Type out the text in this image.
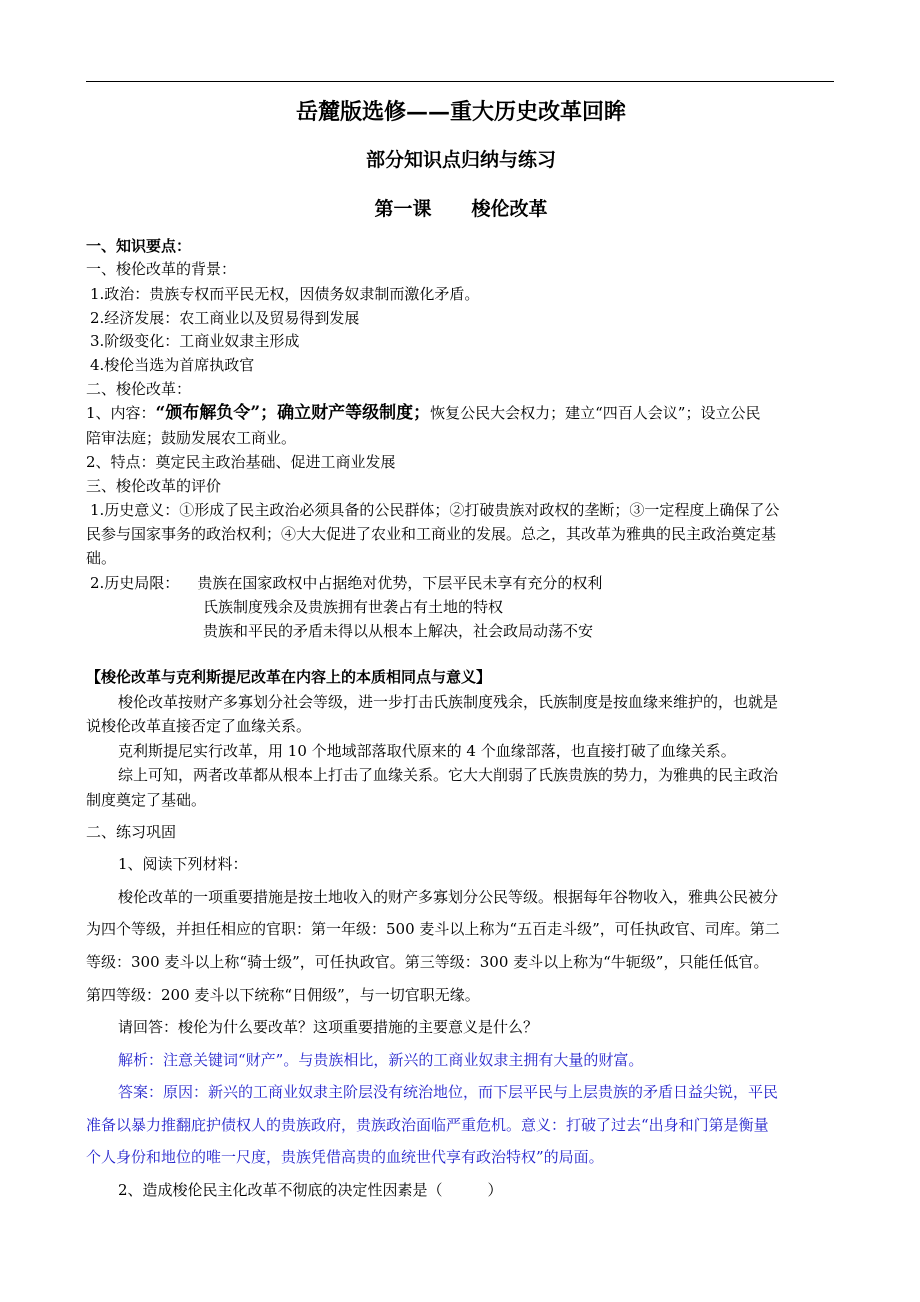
岳麓版选修——重大历史改革回眸
部分知识点归纳与练习
第一课 梭伦改革
一、知识要点：
一、梭伦改革的背景：
1.政治：贵族专权而平民无权，因债务奴隶制而激化矛盾。
2.经济发展：农工商业以及贸易得到发展
3.阶级变化：工商业奴隶主形成
4.梭伦当选为首席执政官
二、梭伦改革：
1、内容：“颁布解负令”；确立财产等级制度；恢复公民大会权力；建立“四百人会议”；设立公民
陪审法庭；鼓励发展农工商业。
2、特点：奠定民主政治基础、促进工商业发展
三、梭伦改革的评价
1.历史意义：①形成了民主政治必须具备的公民群体；②打破贵族对政权的垄断；③一定程度上确保了公
民参与国家事务的政治权利；④大大促进了农业和工商业的发展。总之，其改革为雅典的民主政治奠定基
础。
2.历史局限： 贵族在国家政权中占据绝对优势，下层平民未享有充分的权利
氏族制度残余及贵族拥有世袭占有土地的特权
贵族和平民的矛盾未得以从根本上解决，社会政局动荡不安
【梭伦改革与克利斯提尼改革在内容上的本质相同点与意义】
梭伦改革按财产多寡划分社会等级，进一步打击氏族制度残余，氏族制度是按血缘来维护的，也就是
说梭伦改革直接否定了血缘关系。
克利斯提尼实行改革，用 10 个地域部落取代原来的 4 个血缘部落，也直接打破了血缘关系。
综上可知，两者改革都从根本上打击了血缘关系。它大大削弱了氏族贵族的势力，为雅典的民主政治
制度奠定了基础。
二、练习巩固
1、阅读下列材料：
梭伦改革的一项重要措施是按土地收入的财产多寡划分公民等级。根据每年谷物收入，雅典公民被分
为四个等级，并担任相应的官职：第一年级：500 麦斗以上称为“五百走斗级”，可任执政官、司库。第二
等级：300 麦斗以上称“骑士级”，可任执政官。第三等级：300 麦斗以上称为“牛轭级”，只能任低官。
第四等级：200 麦斗以下统称“日佣级”，与一切官职无缘。
请回答：梭伦为什么要改革？这项重要措施的主要意义是什么？
解析：注意关键词“财产”。与贵族相比，新兴的工商业奴隶主拥有大量的财富。
答案：原因：新兴的工商业奴隶主阶层没有统治地位，而下层平民与上层贵族的矛盾日益尖锐，平民
准备以暴力推翻庇护债权人的贵族政府，贵族政治面临严重危机。意义：打破了过去“出身和门第是衡量
个人身份和地位的唯一尺度，贵族凭借高贵的血统世代享有政治特权”的局面。
2、造成梭伦民主化改革不彻底的决定性因素是（　　　）
